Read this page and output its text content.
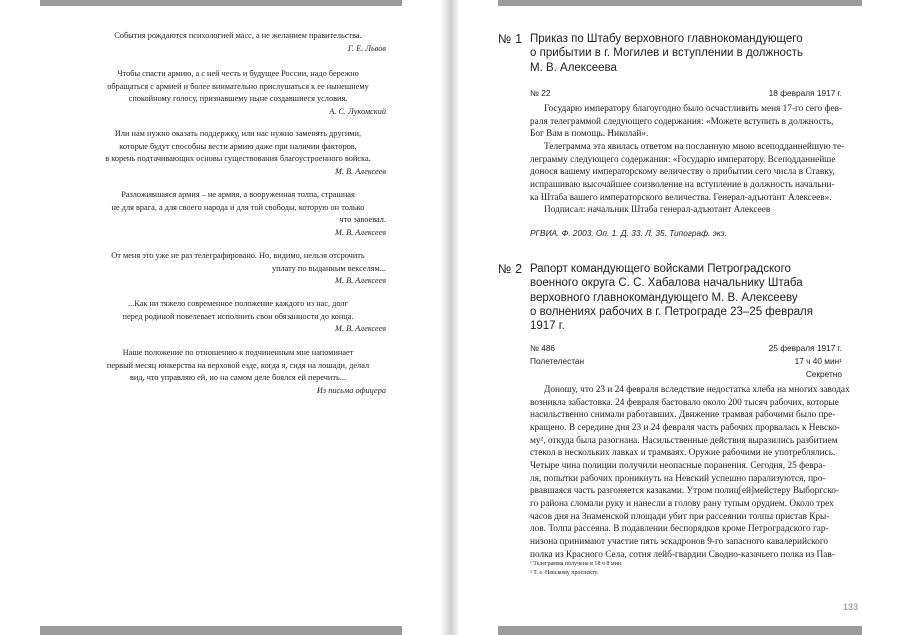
События рождаются психологией масс, а не желанием правительства.
Г. Е. Львов
Чтобы спасти армию, а с ней честь и будущее России, надо бережно
обращаться с армией и более внимательно прислушаться к ее нынешнему
спокойному голосу, признавшему ныне создавшиеся условия.
А. С. Лукомский
Или нам нужно оказать поддержку, или нас нужно заменять другими,
которые будут способны вести армию даже при наличии факторов,
в корень подтачивающих основы существования благоустроенного войска.
М. В. Алексеев
Разложившаяся армия – не армия, а вооруженная толпа, страшная
не для врага, а для своего народа и для той свободы, которую он только
что завоевал.
М. В. Алексеев
От меня это уже не раз телеграфировано. Но, видимо, нельзя отсрочить
уплату по выданным векселям...
М. В. Алексеев
...Как ни тяжело современное положение каждого из нас, долг
перед родиной повелевает исполнить свои обязанности до конца.
М. В. Алексеев
Наше положение по отношению к подчиненным мне напоминает
первый месяц юнкерства на верховой езде, когда я, сидя на лошади, делал
вид, что управляю ей, но на самом деле боялся ей перечить...
Из письма офицера
№ 1 Приказ по Штабу верховного главнокомандующего
о прибытии в г. Могилев и вступлении в должность
М. В. Алексеева
№ 22	18 февраля 1917 г.
Государю императору благоугодно было осчастливить меня 17-го сего фев-
раля телеграммой следующего содержания: «Можете вступить в должность,
Бог Вам в помощь. Николай».
Телеграмма эта явилась ответом на посланную мною всеподданнейшую те-
леграмму следующего содержания: «Государю императору. Всеподданнейше
донося вашему императорскому величеству о прибытии сего числа в Ставку,
испрашиваю высочайшее соизволение на вступление в должность начальни-
ка Штаба вашего императорского величества. Генерал-адъютант Алексеев».
Подписал: начальник Штаба генерал-адъютант Алексеев
РГВИА. Ф. 2003. Оп. 1. Д. 33. Л. 35. Типограф. экз.
№ 2 Рапорт командующего войсками Петроградского
военного округа С. С. Хабалова начальнику Штаба
верховного главнокомандующего М. В. Алексееву
о волнениях рабочих в г. Петрограде 23–25 февраля
1917 г.
№ 486
Полетелестан
25 февраля 1917 г.
17 ч 40 мин¹
Секретно
Доношу, что 23 и 24 февраля вследствие недостатка хлеба на многих заводах
возникла забастовка. 24 февраля бастовало около 200 тысяч рабочих, которые
насильственно снимали работавших. Движение трамвая рабочими было пре-
кращено. В середине дня 23 и 24 февраля часть рабочих прорвалась к Невско-
му², откуда была разогнана. Насильственные действия выразились разбитием
стекол в нескольких лавках и трамваях. Оружие рабочими не употреблялись.
Четыре чина полиции получили неопасные поранения. Сегодня, 25 февра-
ля, попытки рабочих проникнуть на Невский успешно парализуются, про-
рвавшаяся часть разгоняется казаками. Утром полиц[ей]мейстеру Выборгско-
го района сломали руку и нанесли в голову рану тупым орудием. Около трех
часов дня на Знаменской площади убит при рассеянии толпы пристав Кры-
лов. Толпа рассеяна. В подавлении беспорядков кроме Петроградского гар-
низона принимают участие пять эскадронов 9-го запасного кавалерийского
полка из Красного Села, сотня лейб-гвардии Сводно-казачьего полка из Пав-
¹ Телеграмма получена в 18 ч 8 мин.
² Т. е. Невскому проспекту.
133
